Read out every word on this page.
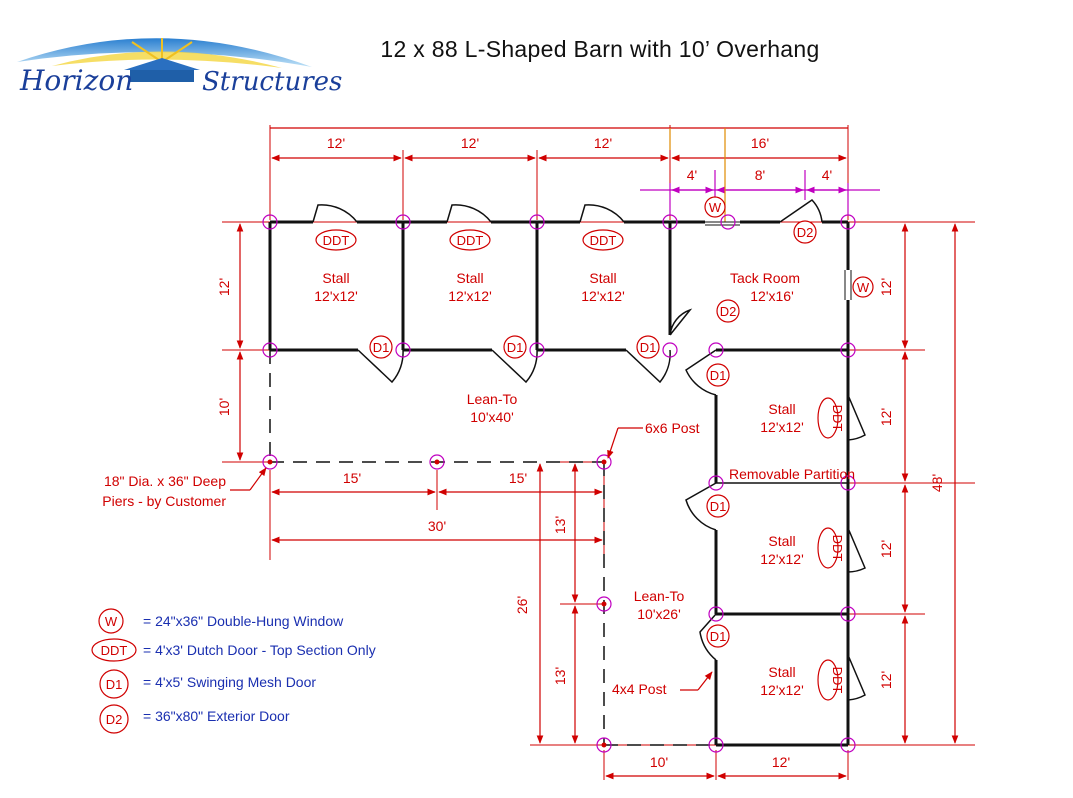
12 x 88 L-Shaped Barn with 10’ Overhang
Horizon	Structures
12'	12'	12'	16'
4'	8'	4'
12'
10'
12'
12'
12'
12'
48'
15'	15'
30'	13'
26'
13'
10'	12'
Stall
12'x12'
Stall
12'x12'
Stall
12'x12'
Tack Room
12'x16'
Lean-To
10'x40'	Stall
12'x12'
Stall
12'x12'
Lean-To
10'x26'
Stall
12'x12'
DDT	DDT	DDT
W
D2
W
D2
D1	D1	D1
D1
D1
D1
DDT
DDT
DDT
6x6 Post
Removable Partition
18" Dia. x 36" Deep
Piers - by Customer
4x4 Post
W = 24"x36" Double-Hung Window
DDT = 4'x3' Dutch Door - Top Section Only
D1 = 4'x5' Swinging Mesh Door
D2 = 36"x80" Exterior Door
